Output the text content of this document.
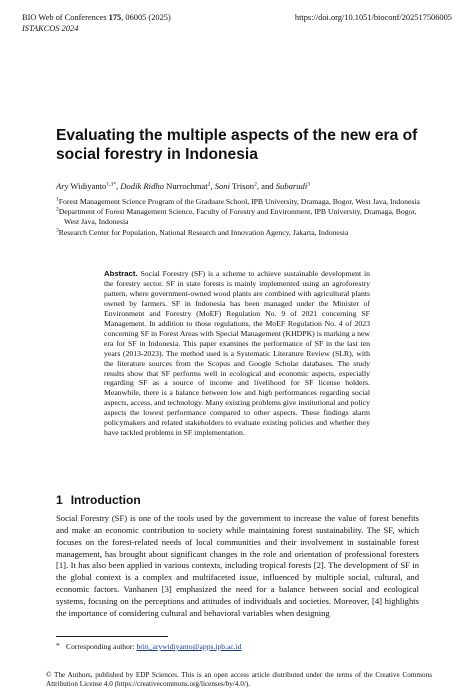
BIO Web of Conferences 175, 06005 (2025)	https://doi.org/10.1051/bioconf/202517506005
ISTAKCOS 2024
Evaluating the multiple aspects of the new era of social forestry in Indonesia
Ary Widiyanto$^{1,3*}$, Dodik Ridho Nurrochmat$^2$, Soni Trison$^2$, and Subarudi$^3$

$^1$Forest Management Science Program of the Graduate School, IPB University, Dramaga, Bogor, West Java, Indonesia

$^2$Department of Forest Management Science, Faculty of Forestry and Environment, IPB University, Dramaga, Bogor, West Java, Indonesia

$^3$Research Center for Population, National Research and Innovation Agency, Jakarta, Indonesia

Abstract. Social Forestry (SF) is a scheme to achieve sustainable development in the forestry sector. SF in state forests is mainly implemented using an agroforestry pattern, where government-owned wood plants are combined with agricultural plants owned by farmers. SF in Indonesia has been managed under the Minister of Environment and Forestry (MoEF) Regulation No. 9 of 2021 concerning SF Management. In addition to those regulations, the MoEF Regulation No. 4 of 2023 concerning SF in Forest Areas with Special Management (KHDPK) is marking a new era for SF in Indonesia. This paper examines the performance of SF in the last ten years (2013-2023). The method used is a Systematic Literature Review (SLR), with the literature sources from the Scopus and Google Scholar databases. The study results show that SF performs well in ecological and economic aspects, especially regarding SF as a source of income and livelihood for SF license holders. Meanwhile, there is a balance between low and high performances regarding social aspects, access, and technology. Many existing problems give institutional and policy aspects the lowest performance compared to other aspects. These findings alarm policymakers and related stakeholders to evaluate existing policies and whether they have tackled problems in SF implementation.
1 Introduction
Social Forestry (SF) is one of the tools used by the government to increase the value of forest benefits and make an economic contribution to society while maintaining forest sustainability. The SF, which focuses on the forest-related needs of local communities and their involvement in sustainable forest management, has brought about significant changes in the role and orientation of professional foresters [1]. It has also been applied in various contexts, including tropical forests [2]. The development of SF in the global context is a complex and multifaceted issue, influenced by multiple social, cultural, and economic factors. Vanhanen [3] emphasized the need for a balance between social and ecological systems, focusing on the perceptions and attitudes of individuals and societies. Moreover, [4] highlights the importance of considering cultural and behavioral variables when designing
* Corresponding author: brin_arywidiyanto@apps.ipb.ac.id
© The Authors, published by EDP Sciences. This is an open access article distributed under the terms of the Creative Commons Attribution License 4.0 (https://creativecommons.org/licenses/by/4.0/).
